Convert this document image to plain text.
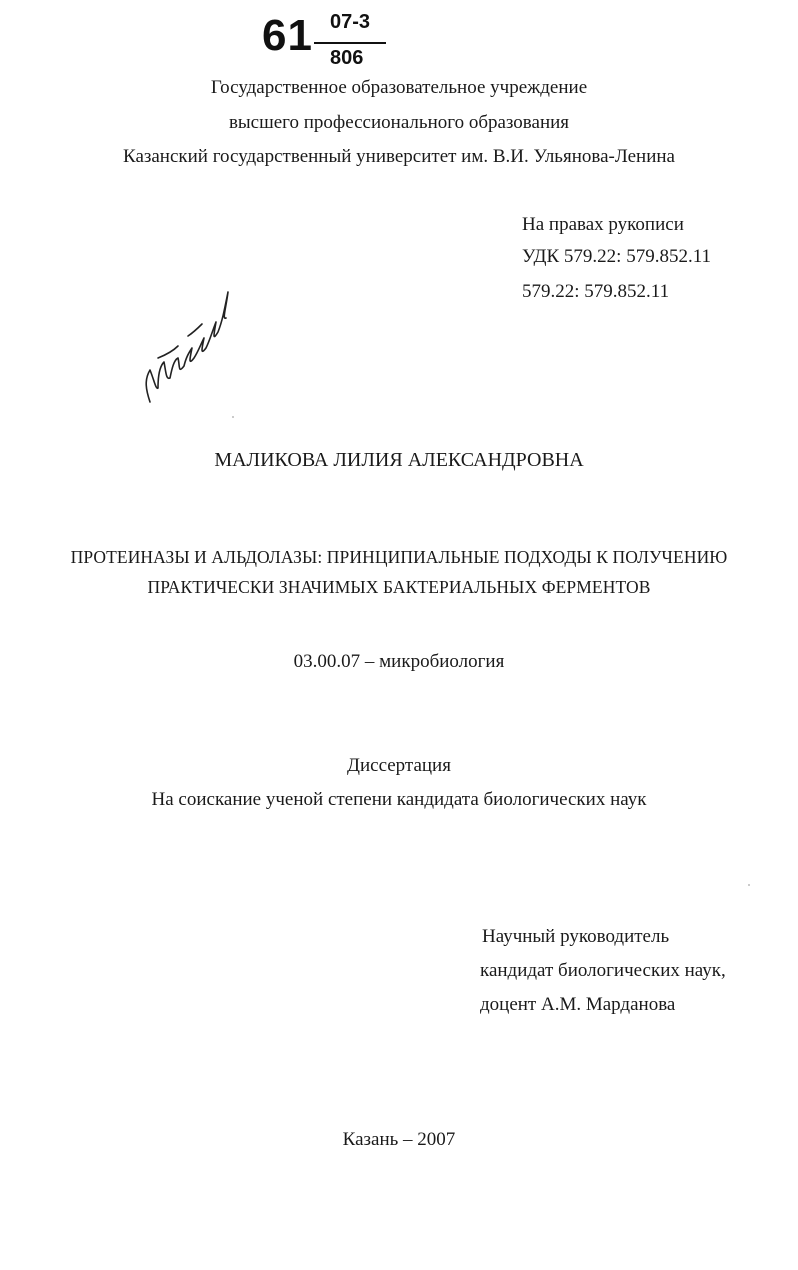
61 07-3
806
Государственное образовательное учреждение
высшего профессионального образования
Казанский государственный университет им. В.И. Ульянова-Ленина
На правах рукописи
УДК 579.22: 579.852.11
579.22: 579.852.11
МАЛИКОВА ЛИЛИЯ АЛЕКСАНДРОВНА
ПРОТЕИНАЗЫ И АЛЬДОЛАЗЫ: ПРИНЦИПИАЛЬНЫЕ ПОДХОДЫ К ПОЛУЧЕНИЮ
ПРАКТИЧЕСКИ ЗНАЧИМЫХ БАКТЕРИАЛЬНЫХ ФЕРМЕНТОВ
03.00.07 – микробиология
Диссертация
На соискание ученой степени кандидата биологических наук
Научный руководитель
кандидат биологических наук,
доцент А.М. Марданова
Казань – 2007
